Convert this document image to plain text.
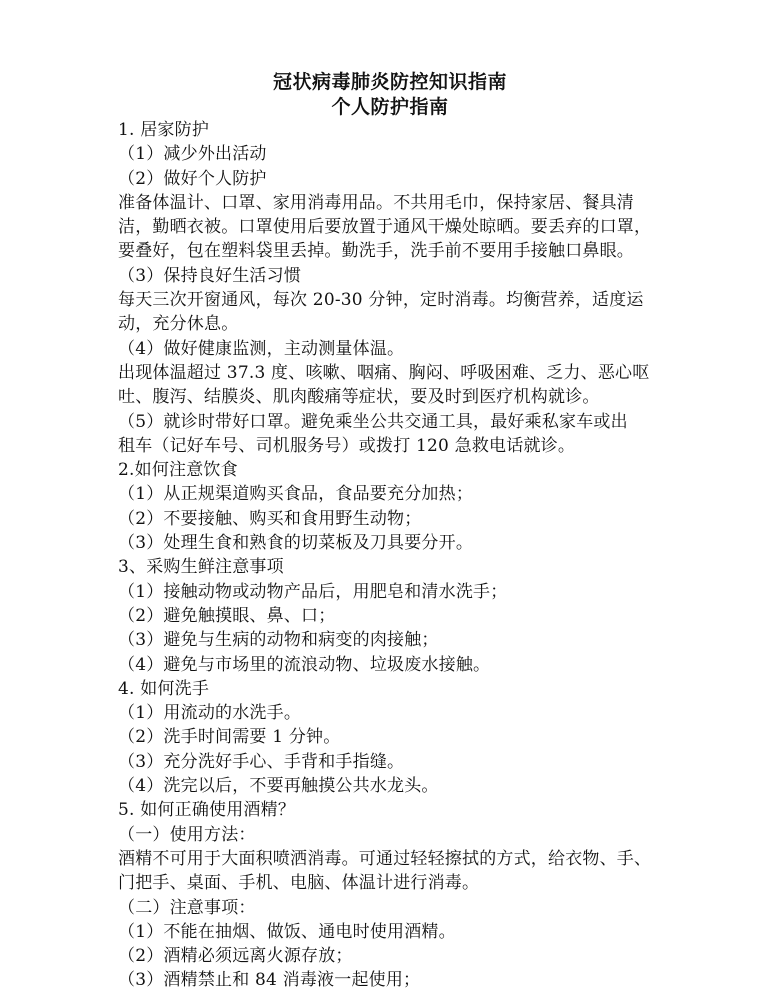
冠状病毒肺炎防控知识指南
个人防护指南
1. 居家防护
（1）减少外出活动
（2）做好个人防护
准备体温计、口罩、家用消毒用品。不共用毛巾，保持家居、餐具清
洁，勤晒衣被。口罩使用后要放置于通风干燥处晾晒。要丢弃的口罩，
要叠好，包在塑料袋里丢掉。勤洗手，洗手前不要用手接触口鼻眼。
（3）保持良好生活习惯
每天三次开窗通风，每次 20-30 分钟，定时消毒。均衡营养，适度运
动，充分休息。
（4）做好健康监测，主动测量体温。
出现体温超过 37.3 度、咳嗽、咽痛、胸闷、呼吸困难、乏力、恶心呕
吐、腹泻、结膜炎、肌肉酸痛等症状，要及时到医疗机构就诊。
（5）就诊时带好口罩。避免乘坐公共交通工具，最好乘私家车或出
租车（记好车号、司机服务号）或拨打 120 急救电话就诊。
2.如何注意饮食
（1）从正规渠道购买食品，食品要充分加热；
（2）不要接触、购买和食用野生动物；
（3）处理生食和熟食的切菜板及刀具要分开。
3、采购生鲜注意事项
（1）接触动物或动物产品后，用肥皂和清水洗手；
（2）避免触摸眼、鼻、口；
（3）避免与生病的动物和病变的肉接触；
（4）避免与市场里的流浪动物、垃圾废水接触。
4. 如何洗手
（1）用流动的水洗手。
（2）洗手时间需要 1 分钟。
（3）充分洗好手心、手背和手指缝。
（4）洗完以后，不要再触摸公共水龙头。
5. 如何正确使用酒精？
（一）使用方法：
酒精不可用于大面积喷洒消毒。可通过轻轻擦拭的方式，给衣物、手、
门把手、桌面、手机、电脑、体温计进行消毒。
（二）注意事项：
（1）不能在抽烟、做饭、通电时使用酒精。
（2）酒精必须远离火源存放；
（3）酒精禁止和 84 消毒液一起使用；
